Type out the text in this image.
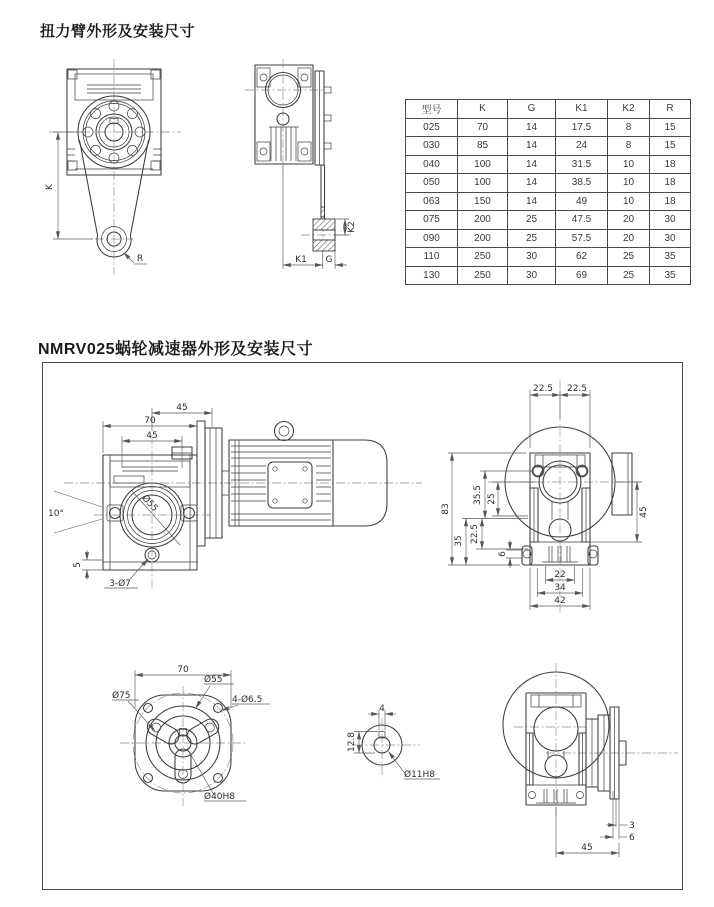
扭力臂外形及安装尺寸
K
R
K2
K1 G
型号	K	G	K1	K2	R
025	70	14	17.5	8	15
030	85	14	24	8	15
040	100	14	31.5	10	18
050	100	14	38.5	10	18
063	150	14	49	10	18
075	200	25	47.5	20	30
090	200	25	57.5	20	30
110	250	30	62	25	35
130	250	30	69	25	35
NMRV025蜗轮减速器外形及安装尺寸
Ø55
70
45
45
10°
5
3-Ø7
22.5 22.5
83
35.5 25
22.5
35
6
45
22
34
42
70
Ø75
Ø55
4-Ø6.5
Ø40H8
4
12.8
Ø11H8
3
6
45
